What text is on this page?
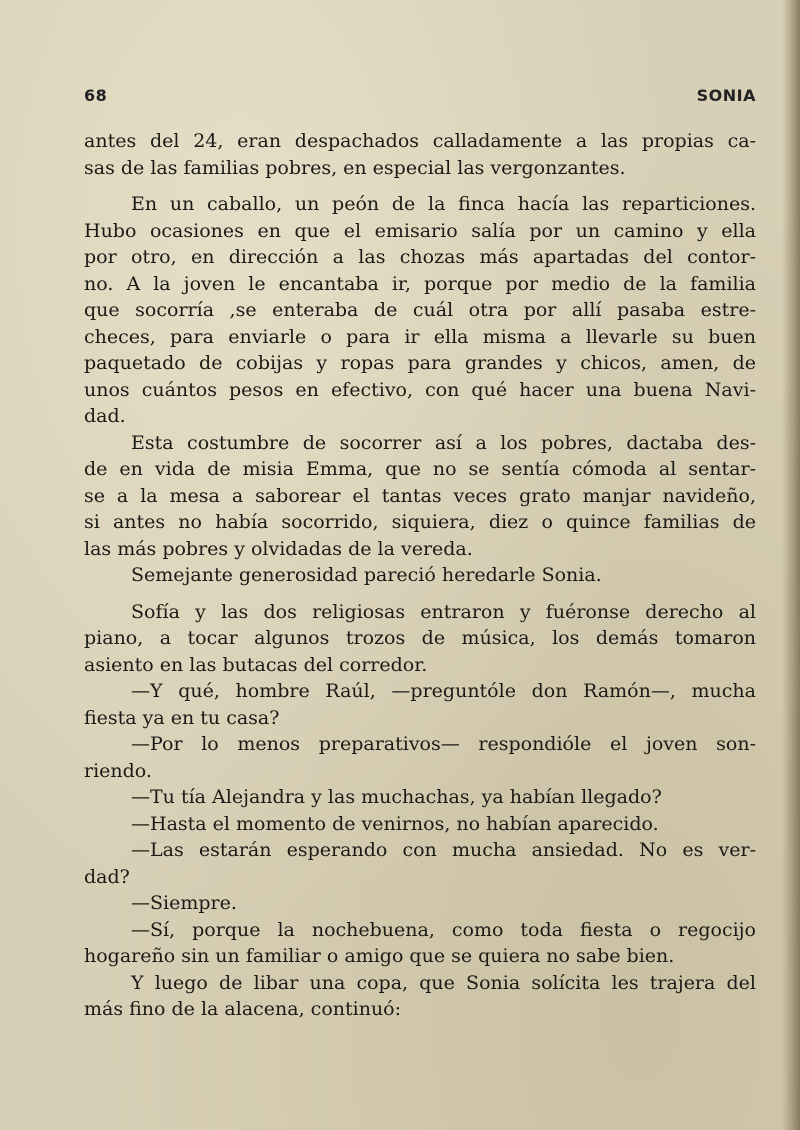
68	SONIA
antes del 24, eran despachados calladamente a las propias ca-
sas de las familias pobres, en especial las vergonzantes.
En un caballo, un peón de la finca hacía las reparticiones.
Hubo ocasiones en que el emisario salía por un camino y ella
por otro, en dirección a las chozas más apartadas del contor-
no. A la joven le encantaba ir, porque por medio de la familia
que socorría ,se enteraba de cuál otra por allí pasaba estre-
checes, para enviarle o para ir ella misma a llevarle su buen
paquetado de cobijas y ropas para grandes y chicos, amen, de
unos cuántos pesos en efectivo, con qué hacer una buena Navi-
dad.
Esta costumbre de socorrer así a los pobres, dactaba des-
de en vida de misia Emma, que no se sentía cómoda al sentar-
se a la mesa a saborear el tantas veces grato manjar navideño,
si antes no había socorrido, siquiera, diez o quince familias de
las más pobres y olvidadas de la vereda.
Semejante generosidad pareció heredarle Sonia.
Sofía y las dos religiosas entraron y fuéronse derecho al
piano, a tocar algunos trozos de música, los demás tomaron
asiento en las butacas del corredor.
—Y qué, hombre Raúl, —preguntóle don Ramón—, mucha
fiesta ya en tu casa?
—Por lo menos preparativos— respondióle el joven son-
riendo.
—Tu tía Alejandra y las muchachas, ya habían llegado?
—Hasta el momento de venirnos, no habían aparecido.
—Las estarán esperando con mucha ansiedad. No es ver-
dad?
—Siempre.
—Sí, porque la nochebuena, como toda fiesta o regocijo
hogareño sin un familiar o amigo que se quiera no sabe bien.
Y luego de libar una copa, que Sonia solícita les trajera del
más fino de la alacena, continuó:
